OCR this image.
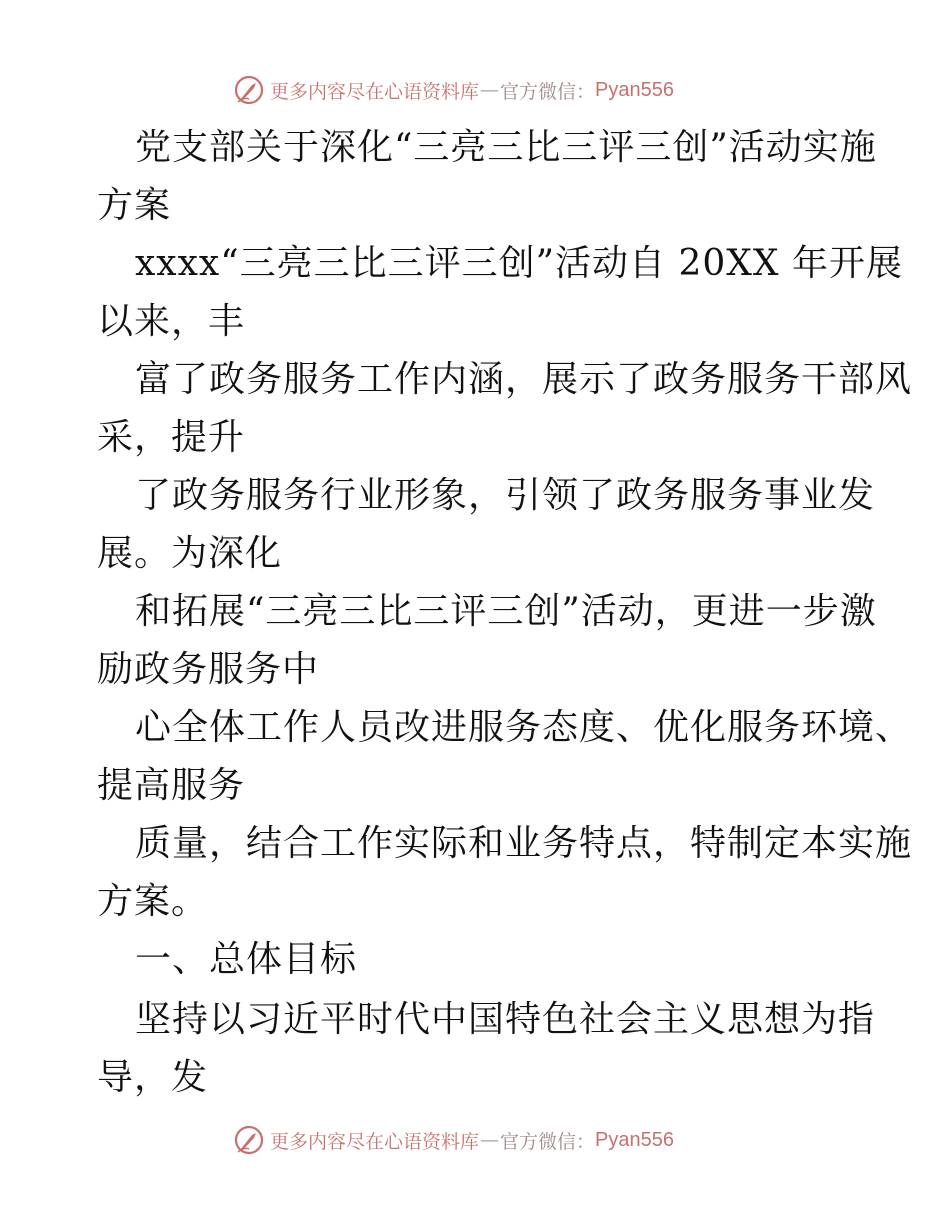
更多内容尽在心语资料库 — 官方微信： Pyan556
党支部关于深化“三亮三比三评三创”活动实施
方案
xxxx“三亮三比三评三创”活动自 20XX 年开展
以来，丰
富了政务服务工作内涵，展示了政务服务干部风
采，提升
了政务服务行业形象，引领了政务服务事业发
展。为深化
和拓展“三亮三比三评三创”活动，更进一步激
励政务服务中
心全体工作人员改进服务态度、优化服务环境、
提高服务
质量，结合工作实际和业务特点，特制定本实施
方案。
一、总体目标
坚持以习近平时代中国特色社会主义思想为指
导，发
更多内容尽在心语资料库 — 官方微信： Pyan556
